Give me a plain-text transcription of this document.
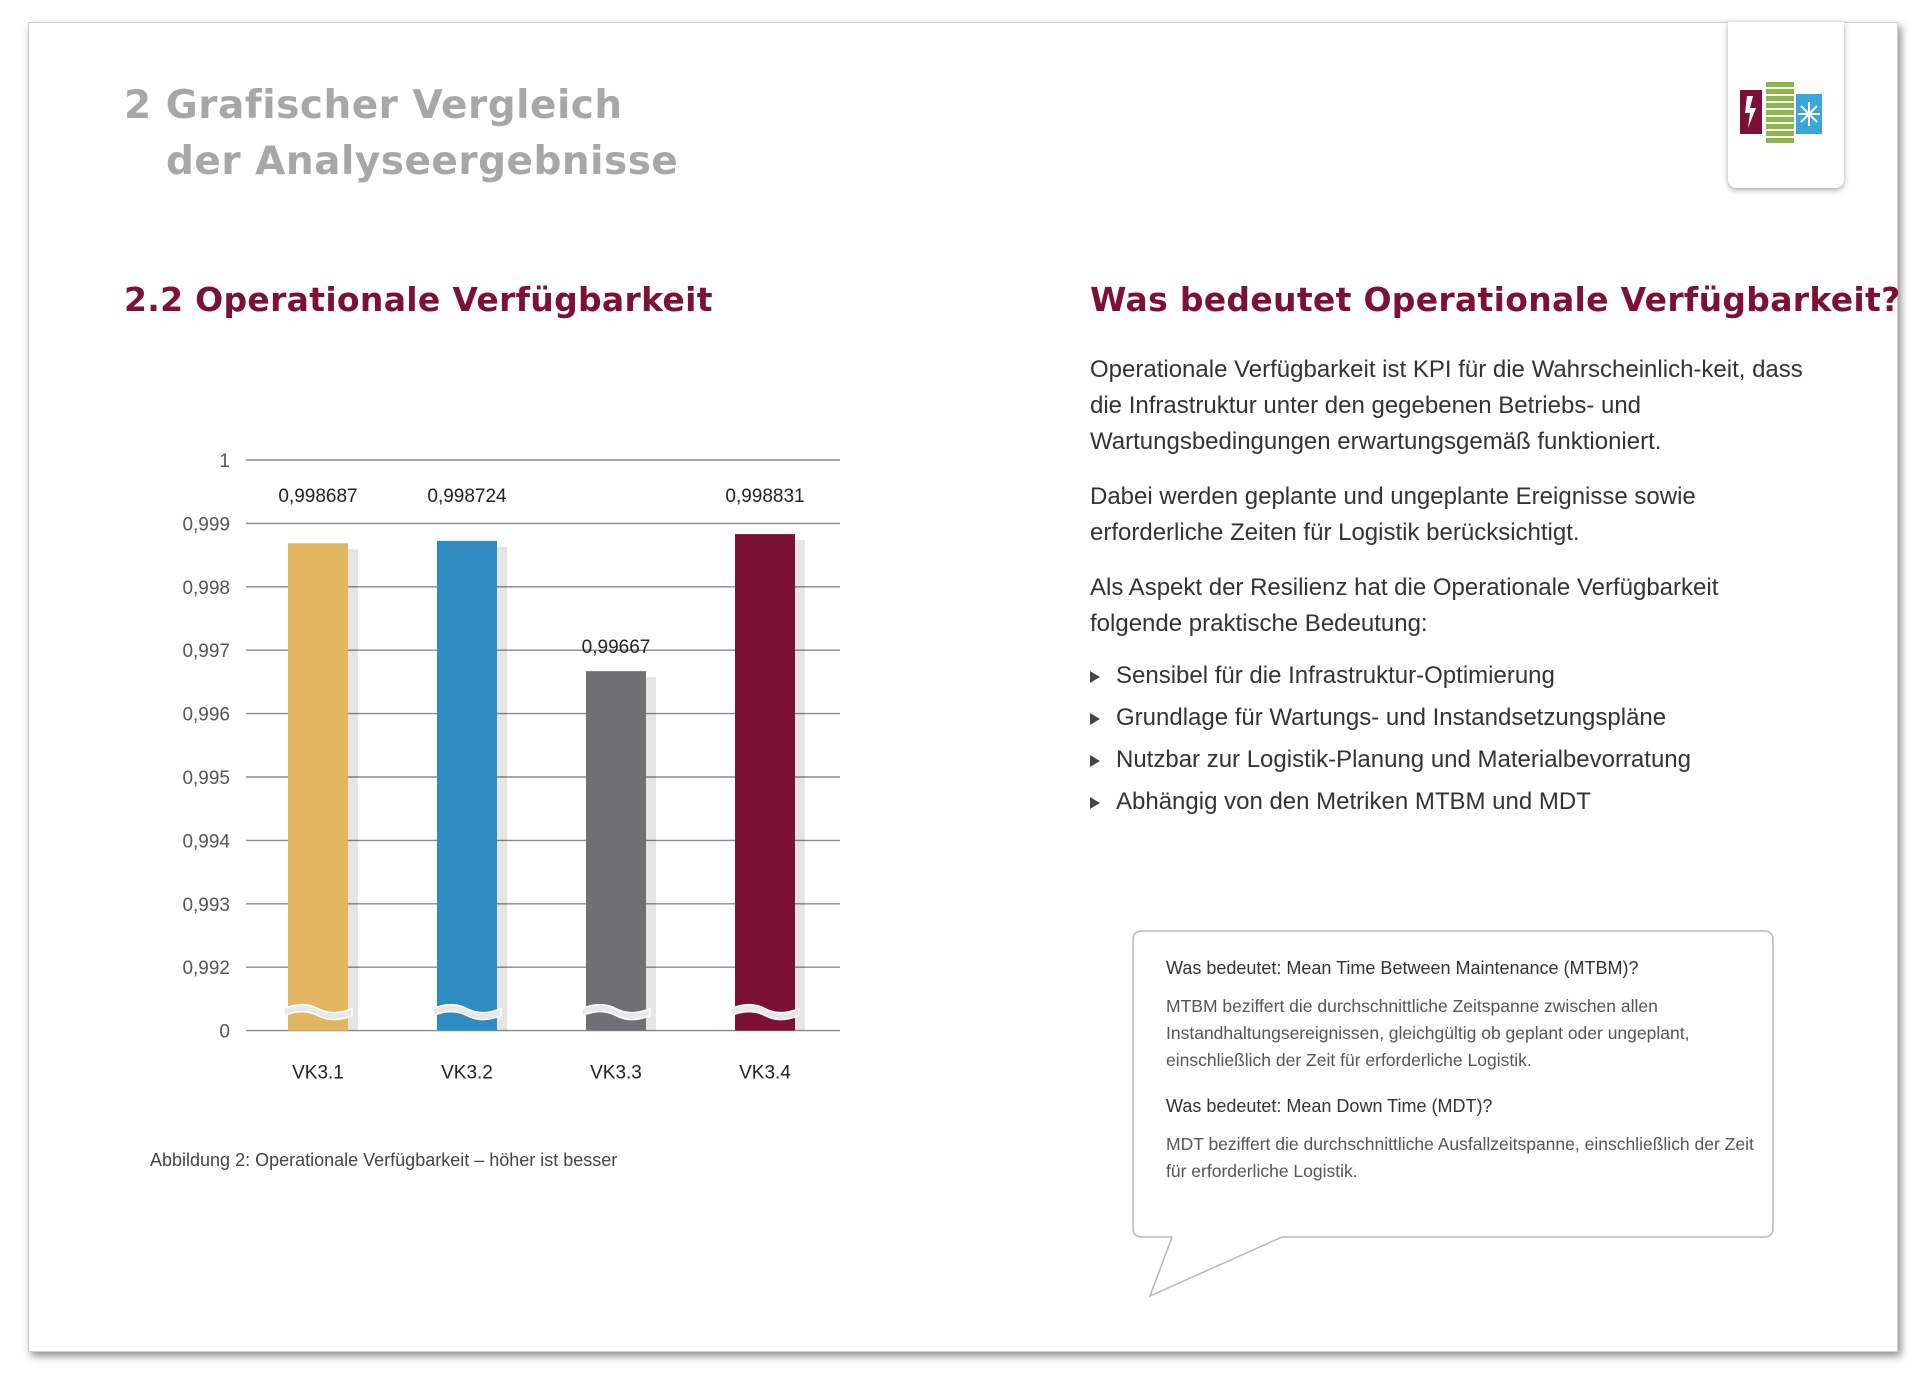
2 Grafischer Vergleich
der Analyseergebnisse
2.2 Operationale Verfügbarkeit	Was bedeutet Operationale Verfügbarkeit?

Operationale Verfügbarkeit ist KPI für die Wahrscheinlich-keit, dass die Infrastruktur unter den gegebenen Betriebs- und Wartungsbedingungen erwartungsgemäß funktioniert.

Dabei werden geplante und ungeplante Ereignisse sowie erforderliche Zeiten für Logistik berücksichtigt.

Als Aspekt der Resilienz hat die Operationale Verfügbarkeit folgende praktische Bedeutung:

Sensibel für die Infrastruktur-Optimierung
Grundlage für Wartungs- und Instandsetzungspläne
Nutzbar zur Logistik-Planung und Materialbevorratung
Abhängig von den Metriken MTBM und MDT
1
0,999
0,998
0,997
0,996
0,995
0,994
0,993
0,992
0
0,998687
VK3.1
0,998724
VK3.2
0,99667
VK3.3
0,998831
VK3.4
Abbildung 2: Operationale Verfügbarkeit – höher ist besser

Was bedeutet: Mean Time Between Maintenance (MTBM)?

MTBM beziffert die durchschnittliche Zeitspanne zwischen allen Instandhaltungsereignissen, gleichgültig ob geplant oder ungeplant, einschließlich der Zeit für erforderliche Logistik.

Was bedeutet: Mean Down Time (MDT)?

MDT beziffert die durchschnittliche Ausfallzeitspanne, einschließlich der Zeit für erforderliche Logistik.
